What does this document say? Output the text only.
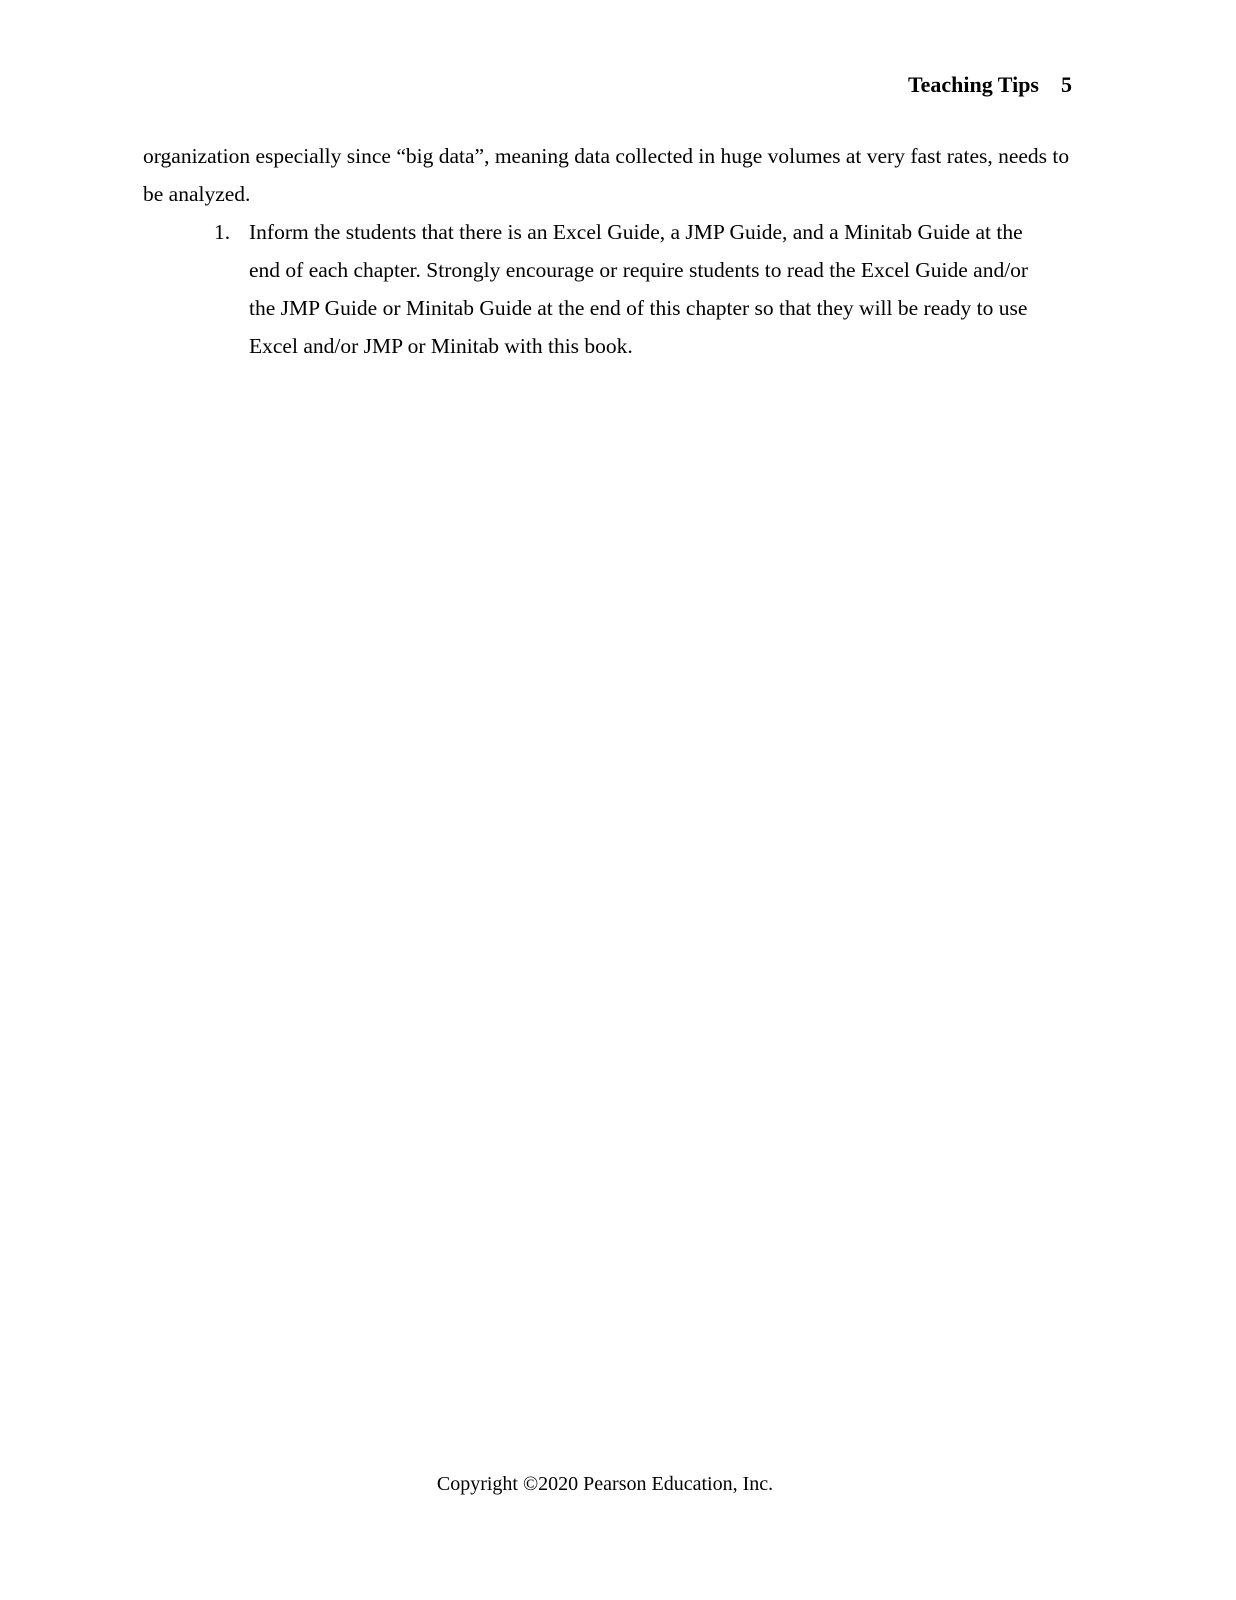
Teaching Tips 5

organization especially since “big data”, meaning data collected in huge volumes at very fast rates, needs to be analyzed.

1. Inform the students that there is an Excel Guide, a JMP Guide, and a Minitab Guide at the end of each chapter. Strongly encourage or require students to read the Excel Guide and/or the JMP Guide or Minitab Guide at the end of this chapter so that they will be ready to use Excel and/or JMP or Minitab with this book.
Copyright ©2020 Pearson Education, Inc.
